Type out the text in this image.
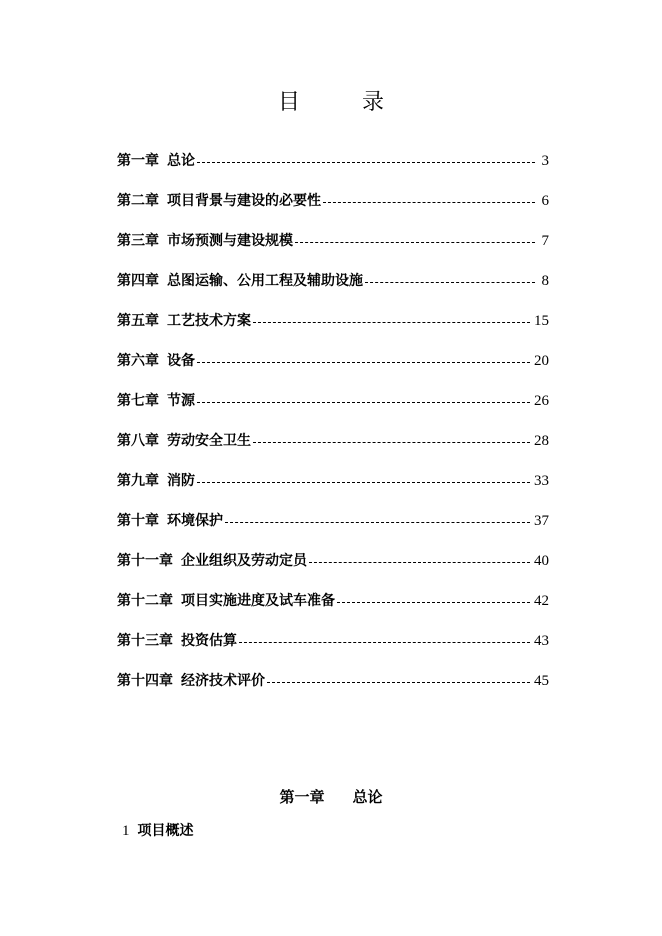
目	录
第一章 总论	3
第二章 项目背景与建设的必要性	6
第三章 市场预测与建设规模	7
第四章 总图运输、公用工程及辅助设施	8
第五章 工艺技术方案	15
第六章 设备	20
第七章 节源	26
第八章 劳动安全卫生	28
第九章 消防	33
第十章 环境保护	37
第十一章 企业组织及劳动定员	40
第十二章 项目实施进度及试车准备	42
第十三章 投资估算	43
第十四章 经济技术评价	45
第一章 总论
1 项目概述
